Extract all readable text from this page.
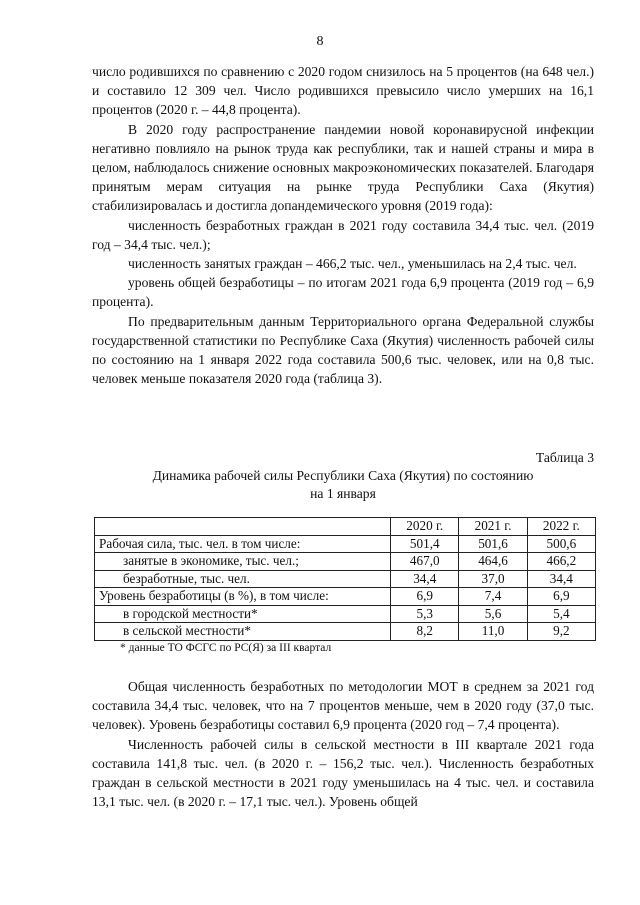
8

число родившихся по сравнению с 2020 годом снизилось на 5 процентов (на 648 чел.) и составило 12 309 чел. Число родившихся превысило число умерших на 16,1 процентов (2020 г. – 44,8 процента).

В 2020 году распространение пандемии новой коронавирусной инфекции негативно повлияло на рынок труда как республики, так и нашей страны и мира в целом, наблюдалось снижение основных макроэкономических показателей. Благодаря принятым мерам ситуация на рынке труда Республики Саха (Якутия) стабилизировалась и достигла допандемического уровня (2019 года):

численность безработных граждан в 2021 году составила 34,4 тыс. чел. (2019 год – 34,4 тыс. чел.);

численность занятых граждан – 466,2 тыс. чел., уменьшилась на 2,4 тыс. чел.

уровень общей безработицы – по итогам 2021 года 6,9 процента (2019 год – 6,9 процента).

По предварительным данным Территориального органа Федеральной службы государственной статистики по Республике Саха (Якутия) численность рабочей силы по состоянию на 1 января 2022 года составила 500,6 тыс. человек, или на 0,8 тыс. человек меньше показателя 2020 года (таблица 3).

Таблица 3
Динамика рабочей силы Республики Саха (Якутия) по состоянию
на 1 января
	2020 г.	2021 г.	2022 г.
Рабочая сила, тыс. чел. в том числе:	501,4	501,6	500,6
занятые в экономике, тыс. чел.;	467,0	464,6	466,2
безработные, тыс. чел.	34,4	37,0	34,4
Уровень безработицы (в %), в том числе:	6,9	7,4	6,9
в городской местности*	5,3	5,6	5,4
в сельской местности*	8,2	11,0	9,2
* данные ТО ФСГС по РС(Я) за III квартал

Общая численность безработных по методологии МОТ в среднем за 2021 год составила 34,4 тыс. человек, что на 7 процентов меньше, чем в 2020 году (37,0 тыс. человек). Уровень безработицы составил 6,9 процента (2020 год – 7,4 процента).

Численность рабочей силы в сельской местности в III квартале 2021 года составила 141,8 тыс. чел. (в 2020 г. – 156,2 тыс. чел.). Численность безработных граждан в сельской местности в 2021 году уменьшилась на 4 тыс. чел. и составила 13,1 тыс. чел. (в 2020 г. – 17,1 тыс. чел.). Уровень общей
